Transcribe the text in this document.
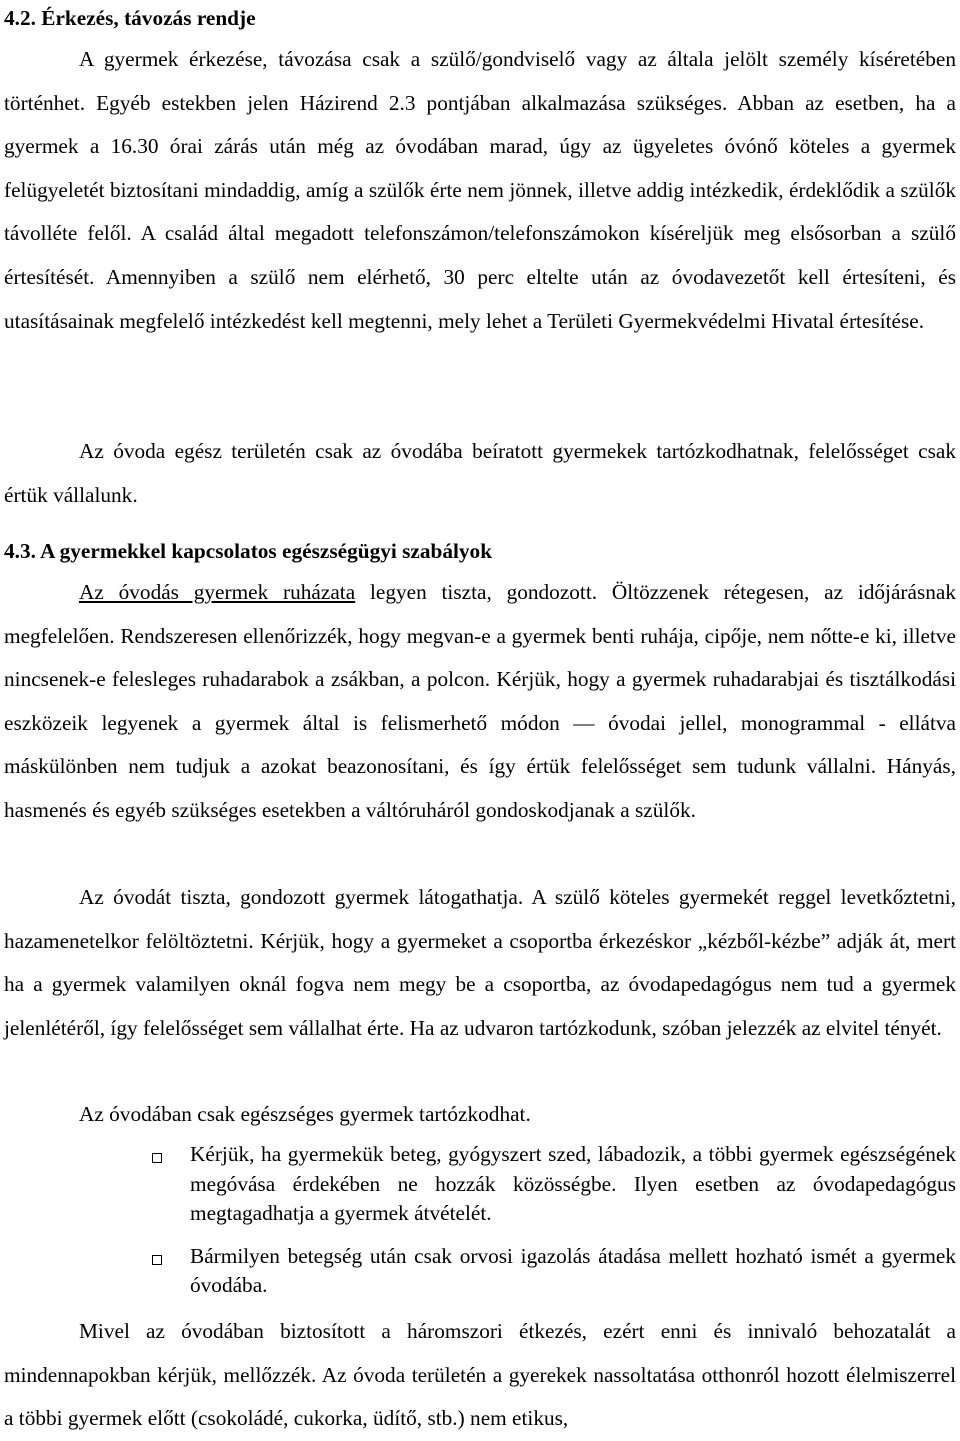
4.2. Érkezés, távozás rendje
A gyermek érkezése, távozása csak a szülő/gondviselő vagy az általa jelölt személy kíséretében történhet. Egyéb estekben jelen Házirend 2.3 pontjában alkalmazása szükséges. Abban az esetben, ha a gyermek a 16.30 órai zárás után még az óvodában marad, úgy az ügyeletes óvónő köteles a gyermek felügyeletét biztosítani mindaddig, amíg a szülők érte nem jönnek, illetve addig intézkedik, érdeklődik a szülők távolléte felől. A család által megadott telefonszámon/telefonszámokon kíséreljük meg elsősorban a szülő értesítését. Amennyiben a szülő nem elérhető, 30 perc eltelte után az óvodavezetőt kell értesíteni, és utasításainak megfelelő intézkedést kell megtenni, mely lehet a Területi Gyermekvédelmi Hivatal értesítése.
Az óvoda egész területén csak az óvodába beíratott gyermekek tartózkodhatnak, felelősséget csak értük vállalunk.
4.3. A gyermekkel kapcsolatos egészségügyi szabályok
Az óvodás gyermek ruházata legyen tiszta, gondozott. Öltözzenek rétegesen, az időjárásnak megfelelően. Rendszeresen ellenőrizzék, hogy megvan-e a gyermek benti ruhája, cipője, nem nőtte-e ki, illetve nincsenek-e felesleges ruhadarabok a zsákban, a polcon. Kérjük, hogy a gyermek ruhadarabjai és tisztálkodási eszközeik legyenek a gyermek által is felismerhető módon — óvodai jellel, monogrammal - ellátva máskülönben nem tudjuk a azokat beazonosítani, és így értük felelősséget sem tudunk vállalni. Hányás, hasmenés és egyéb szükséges esetekben a váltóruháról gondoskodjanak a szülők.
Az óvodát tiszta, gondozott gyermek látogathatja. A szülő köteles gyermekét reggel levetkőztetni, hazamenetelkor felöltöztetni. Kérjük, hogy a gyermeket a csoportba érkezéskor „kézből-kézbe” adják át, mert ha a gyermek valamilyen oknál fogva nem megy be a csoportba, az óvodapedagógus nem tud a gyermek jelenlétéről, így felelősséget sem vállalhat érte. Ha az udvaron tartózkodunk, szóban jelezzék az elvitel tényét.
Az óvodában csak egészséges gyermek tartózkodhat.
Kérjük, ha gyermekük beteg, gyógyszert szed, lábadozik, a többi gyermek egészségének megóvása érdekében ne hozzák közösségbe. Ilyen esetben az óvodapedagógus megtagadhatja a gyermek átvételét.
Bármilyen betegség után csak orvosi igazolás átadása mellett hozható ismét a gyermek óvodába.
Mivel az óvodában biztosított a háromszori étkezés, ezért enni és innivaló behozatalát a mindennapokban kérjük, mellőzzék. Az óvoda területén a gyerekek nassoltatása otthonról hozott élelmiszerrel a többi gyermek előtt (csokoládé, cukorka, üdítő, stb.) nem etikus,
